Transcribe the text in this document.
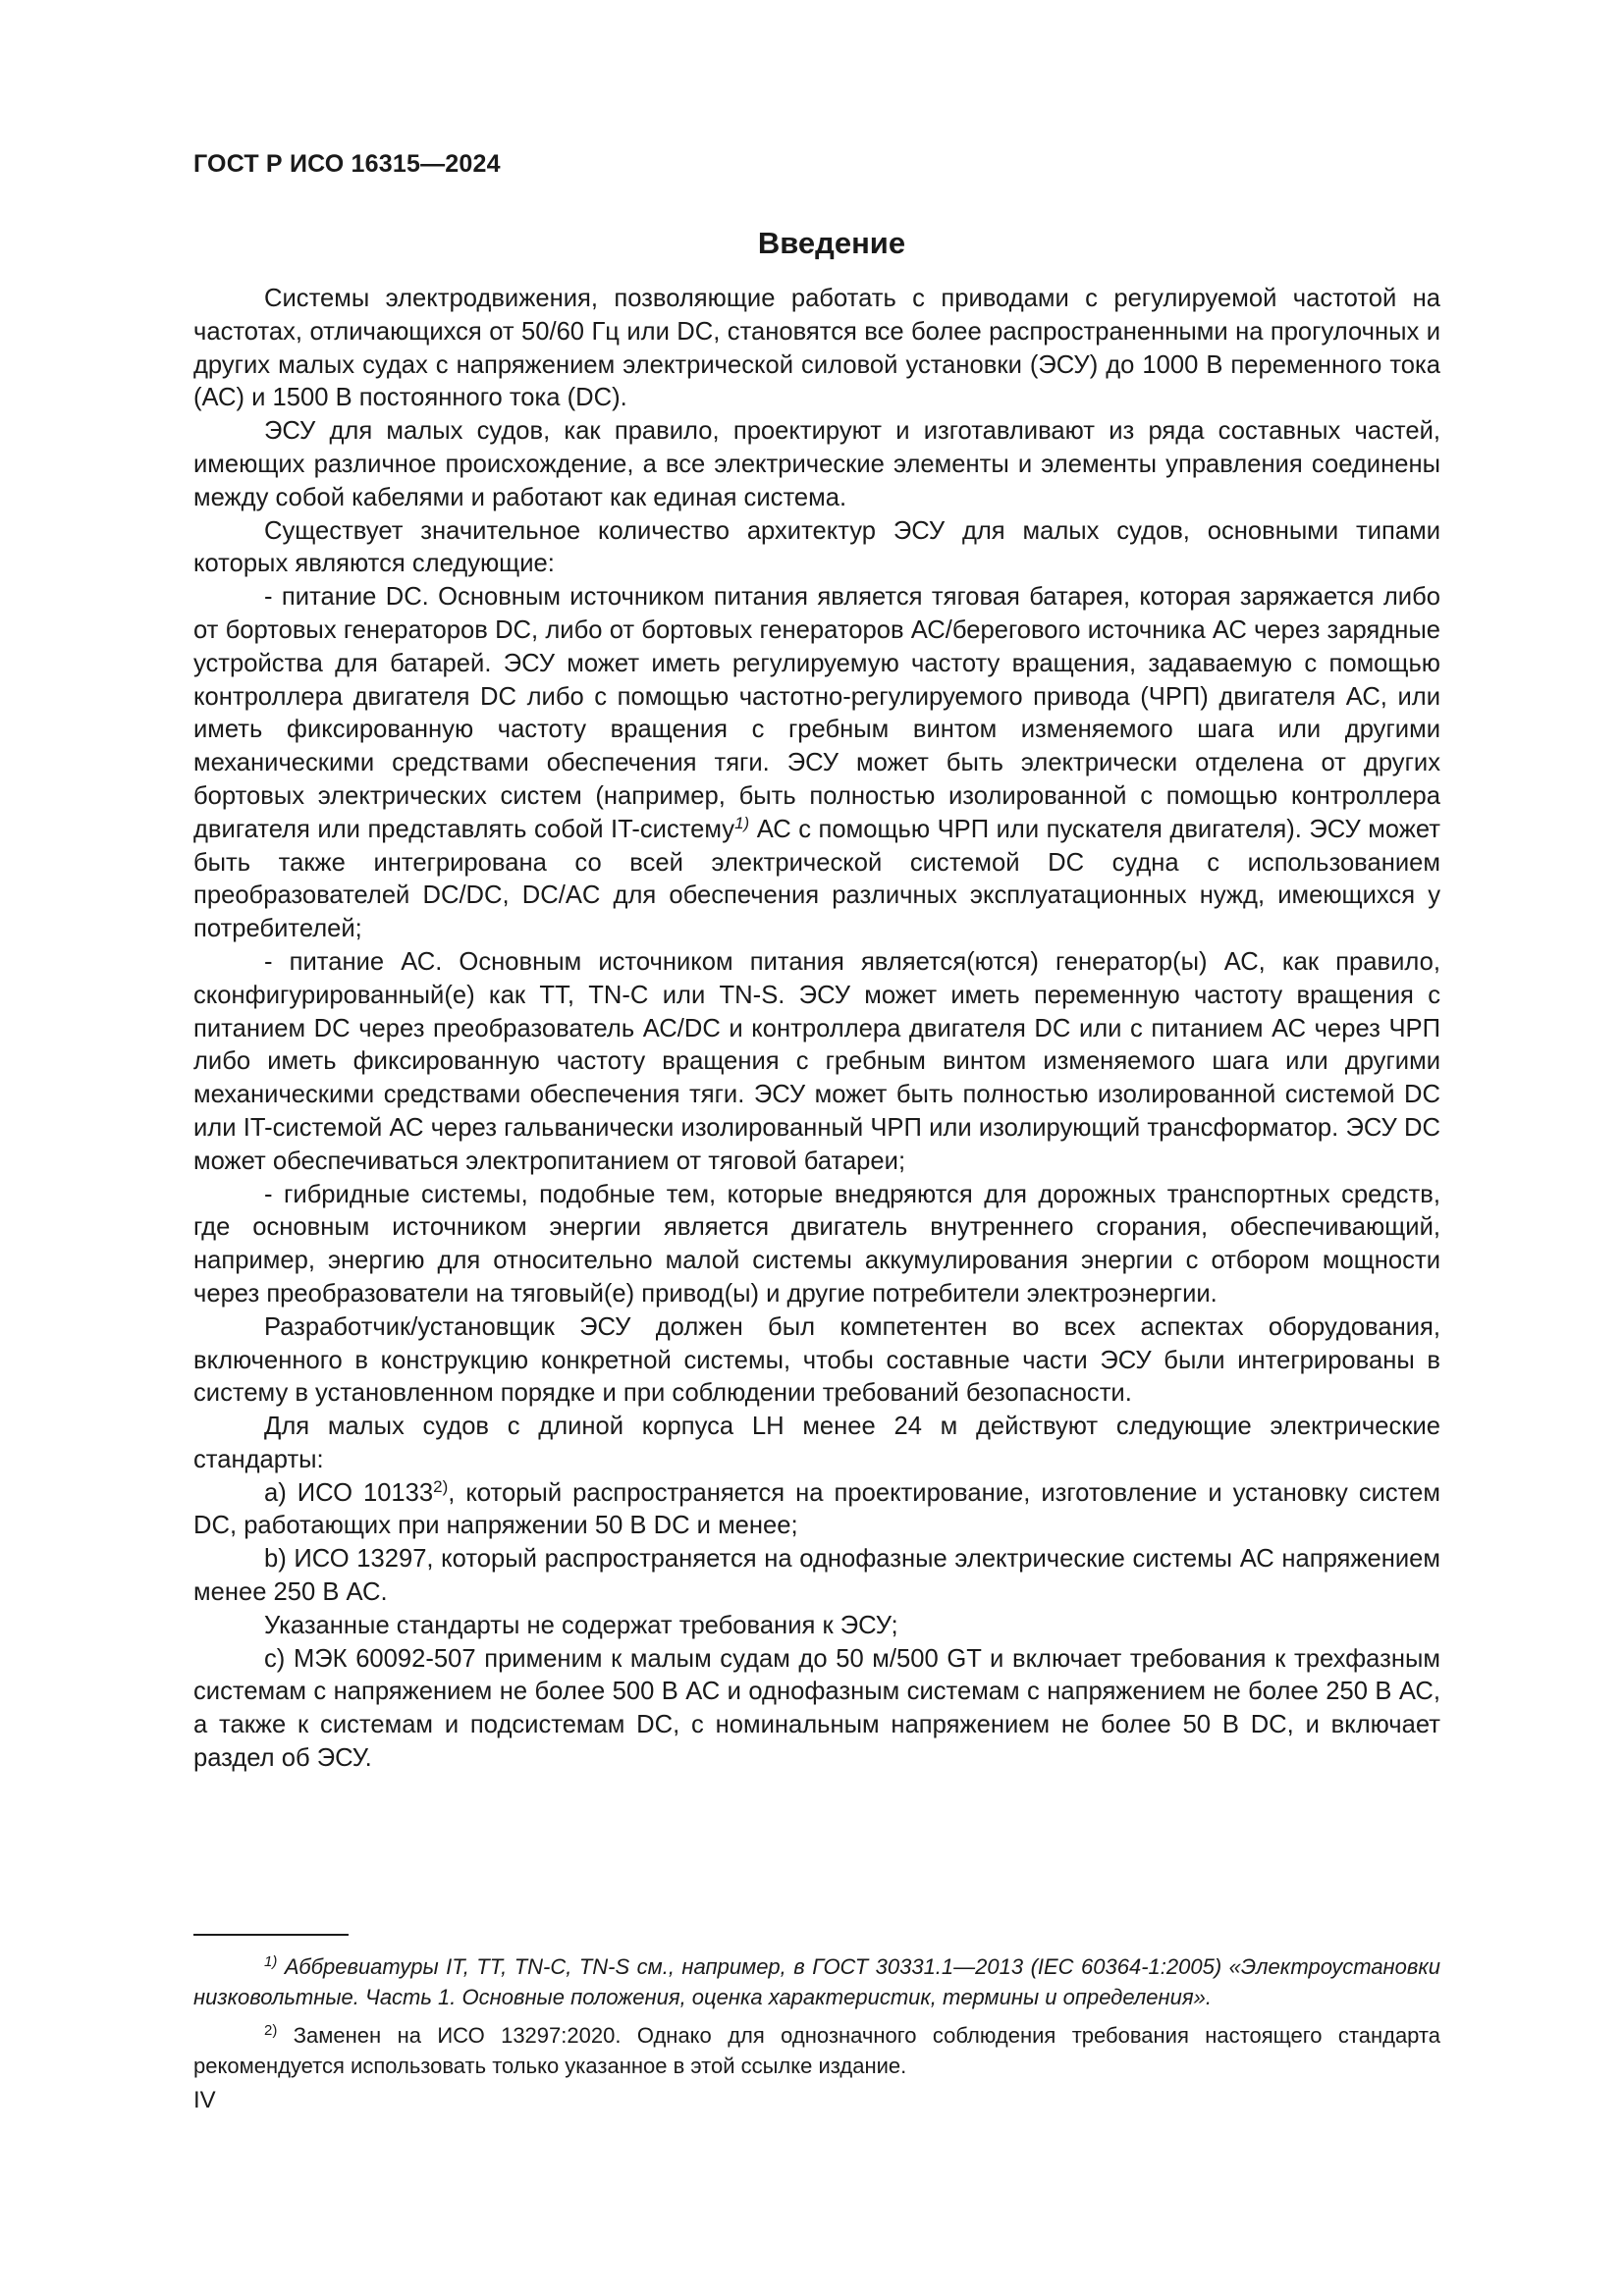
ГОСТ Р ИСО 16315—2024
Введение

Системы электродвижения, позволяющие работать с приводами с регулируемой частотой на частотах, отличающихся от 50/60 Гц или DC, становятся все более распространенными на прогулочных и других малых судах с напряжением электрической силовой установки (ЭСУ) до 1000 В переменного тока (АС) и 1500 В постоянного тока (DC).

ЭСУ для малых судов, как правило, проектируют и изготавливают из ряда составных частей, имеющих различное происхождение, а все электрические элементы и элементы управления соединены между собой кабелями и работают как единая система.

Существует значительное количество архитектур ЭСУ для малых судов, основными типами которых являются следующие:

- питание DC. Основным источником питания является тяговая батарея, которая заряжается либо от бортовых генераторов DC, либо от бортовых генераторов АС/берегового источника АС через зарядные устройства для батарей. ЭСУ может иметь регулируемую частоту вращения, задаваемую с помощью контроллера двигателя DC либо с помощью частотно-регулируемого привода (ЧРП) двигателя АС, или иметь фиксированную частоту вращения с гребным винтом изменяемого шага или другими механическими средствами обеспечения тяги. ЭСУ может быть электрически отделена от других бортовых электрических систем (например, быть полностью изолированной с помощью контроллера двигателя или представлять собой IT-систему$^{1)}$ АС с помощью ЧРП или пускателя двигателя). ЭСУ может быть также интегрирована со всей электрической системой DC судна с использованием преобразователей DC/DC, DC/AC для обеспечения различных эксплуатационных нужд, имеющихся у потребителей;

- питание АС. Основным источником питания является(ются) генератор(ы) АС, как правило, сконфигурированный(е) как ТТ, TN-C или TN-S. ЭСУ может иметь переменную частоту вращения с питанием DC через преобразователь АС/DC и контроллера двигателя DC или с питанием АС через ЧРП либо иметь фиксированную частоту вращения с гребным винтом изменяемого шага или другими механическими средствами обеспечения тяги. ЭСУ может быть полностью изолированной системой DC или IT-системой АС через гальванически изолированный ЧРП или изолирующий трансформатор. ЭСУ DC может обеспечиваться электропитанием от тяговой батареи;

- гибридные системы, подобные тем, которые внедряются для дорожных транспортных средств, где основным источником энергии является двигатель внутреннего сгорания, обеспечивающий, например, энергию для относительно малой системы аккумулирования энергии с отбором мощности через преобразователи на тяговый(е) привод(ы) и другие потребители электроэнергии.

Разработчик/установщик ЭСУ должен был компетентен во всех аспектах оборудования, включенного в конструкцию конкретной системы, чтобы составные части ЭСУ были интегрированы в систему в установленном порядке и при соблюдении требований безопасности.

Для малых судов с длиной корпуса LH менее 24 м действуют следующие электрические стандарты:

a) ИСО 10133$^{2)}$, который распространяется на проектирование, изготовление и установку систем DC, работающих при напряжении 50 В DC и менее;

b) ИСО 13297, который распространяется на однофазные электрические системы АС напряжением менее 250 В АС.

Указанные стандарты не содержат требования к ЭСУ;

c) МЭК 60092-507 применим к малым судам до 50 м/500 GT и включает требования к трехфазным системам с напряжением не более 500 В АС и однофазным системам с напряжением не более 250 В АС, а также к системам и подсистемам DC, с номинальным напряжением не более 50 В DC, и включает раздел об ЭСУ.

$^{1)}$ Аббревиатуры IT, TT, TN-C, TN-S см., например, в ГОСТ 30331.1—2013 (IEC 60364-1:2005) «Электроустановки низковольтные. Часть 1. Основные положения, оценка характеристик, термины и определения».

$^{2)}$ Заменен на ИСО 13297:2020. Однако для однозначного соблюдения требования настоящего стандарта рекомендуется использовать только указанное в этой ссылке издание.

IV
